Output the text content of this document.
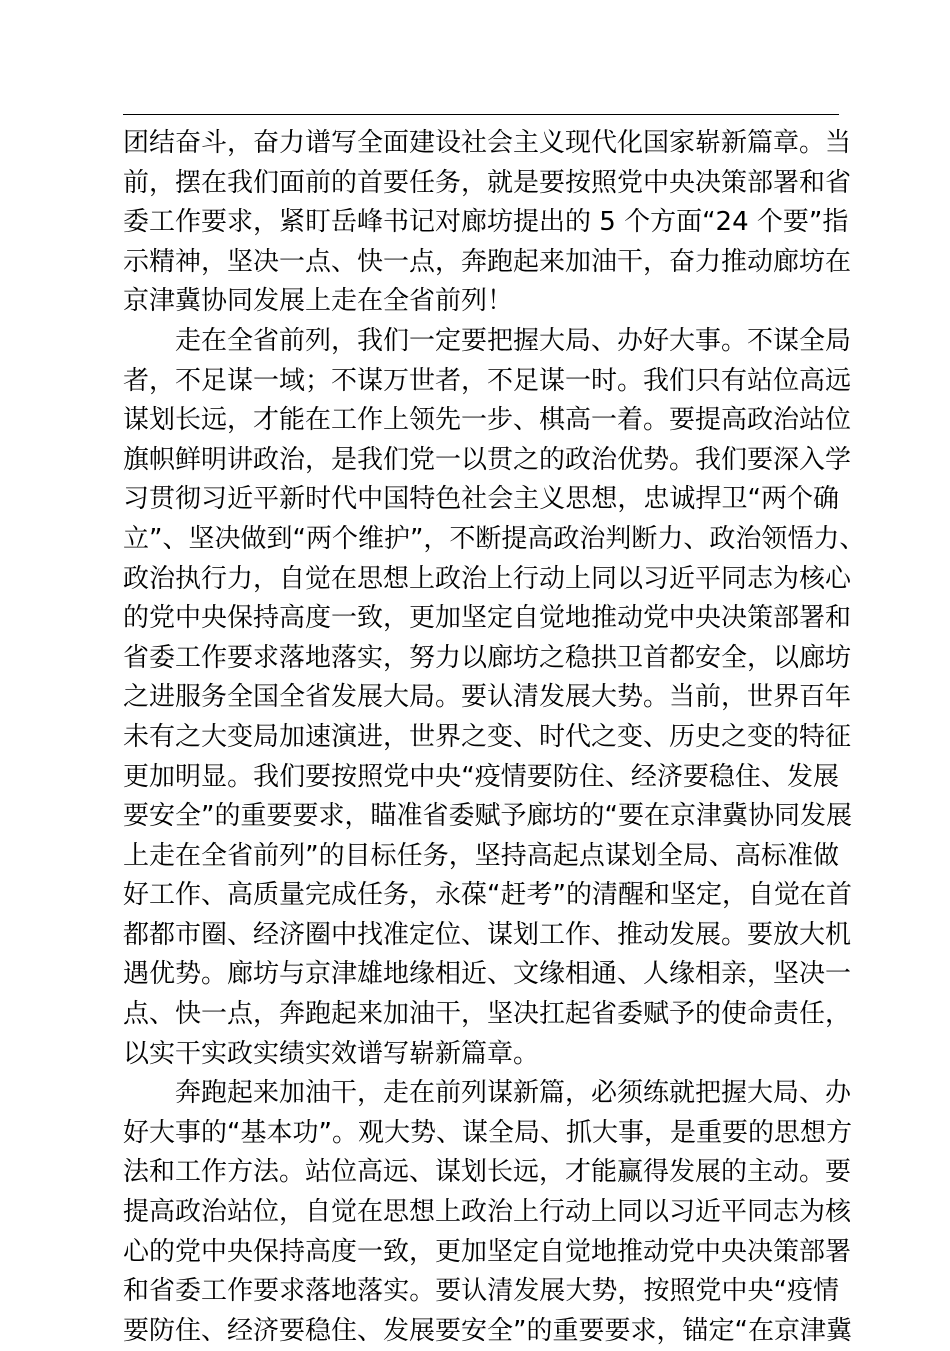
团结奋斗，奋力谱写全面建设社会主义现代化国家崭新篇章。当
前，摆在我们面前的首要任务，就是要按照党中央决策部署和省
委工作要求，紧盯岳峰书记对廊坊提出的 5 个方面“24 个要”指
示精神，坚决一点、快一点，奔跑起来加油干，奋力推动廊坊在
京津冀协同发展上走在全省前列！
走在全省前列，我们一定要把握大局、办好大事。不谋全局
者，不足谋一域；不谋万世者，不足谋一时。我们只有站位高远
谋划长远，才能在工作上领先一步、棋高一着。要提高政治站位
旗帜鲜明讲政治，是我们党一以贯之的政治优势。我们要深入学
习贯彻习近平新时代中国特色社会主义思想，忠诚捍卫“两个确
立”、坚决做到“两个维护”，不断提高政治判断力、政治领悟力、
政治执行力，自觉在思想上政治上行动上同以习近平同志为核心
的党中央保持高度一致，更加坚定自觉地推动党中央决策部署和
省委工作要求落地落实，努力以廊坊之稳拱卫首都安全，以廊坊
之进服务全国全省发展大局。要认清发展大势。当前，世界百年
未有之大变局加速演进，世界之变、时代之变、历史之变的特征
更加明显。我们要按照党中央“疫情要防住、经济要稳住、发展
要安全”的重要要求，瞄准省委赋予廊坊的“要在京津冀协同发展
上走在全省前列”的目标任务，坚持高起点谋划全局、高标准做
好工作、高质量完成任务，永葆“赶考”的清醒和坚定，自觉在首
都都市圈、经济圈中找准定位、谋划工作、推动发展。要放大机
遇优势。廊坊与京津雄地缘相近、文缘相通、人缘相亲，坚决一
点、快一点，奔跑起来加油干，坚决扛起省委赋予的使命责任，
以实干实政实绩实效谱写崭新篇章。
奔跑起来加油干，走在前列谋新篇，必须练就把握大局、办
好大事的“基本功”。观大势、谋全局、抓大事，是重要的思想方
法和工作方法。站位高远、谋划长远，才能赢得发展的主动。要
提高政治站位，自觉在思想上政治上行动上同以习近平同志为核
心的党中央保持高度一致，更加坚定自觉地推动党中央决策部署
和省委工作要求落地落实。要认清发展大势，按照党中央“疫情
要防住、经济要稳住、发展要安全”的重要要求，锚定“在京津冀
